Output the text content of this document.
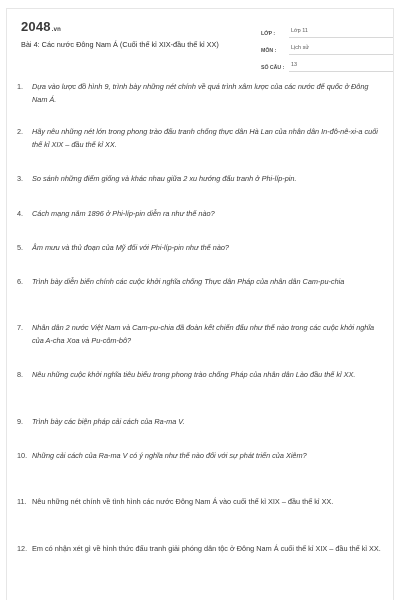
2048.vn
Bài 4: Các nước Đông Nam Á (Cuối thế kỉ XIX-đầu thế kỉ XX)
LỚP :	Lớp 11
MÔN :	Lịch sử
SỐ CÂU :	13
1.	Dựa vào lược đồ hình 9, trình bày những nét chính về quá trình xâm lược của các nước đế quốc ở Đông Nam Á.
2.	Hãy nêu những nét lớn trong phong trào đấu tranh chống thực dân Hà Lan của nhân dân In-đô-nê-xi-a cuối thế kỉ XIX – đầu thế kỉ XX.
3.	So sánh những điểm giống và khác nhau giữa 2 xu hướng đấu tranh ở Phi-líp-pin.
4.	Cách mạng năm 1896 ở Phi-líp-pin diễn ra như thế nào?
5.	Âm mưu và thủ đoạn của Mỹ đối với Phi-líp-pin như thế nào?
6.	Trình bày diễn biến chính các cuộc khởi nghĩa chống Thực dân Pháp của nhân dân Cam-pu-chia
7.	Nhân dân 2 nước Việt Nam và Cam-pu-chia đã đoàn kết chiến đấu như thế nào trong các cuộc khởi nghĩa của A-cha Xoa và Pu-côm-bô?
8.	Nêu những cuộc khởi nghĩa tiêu biểu trong phong trào chống Pháp của nhân dân Lào đầu thế kỉ XX.
9.	Trình bày các biện pháp cải cách của Ra-ma V.
10. Những cải cách của Ra-ma V có ý nghĩa như thế nào đối với sự phát triển của Xiêm?
11. Nêu những nét chính về tình hình các nước Đông Nam Á vào cuối thế kỉ XIX – đầu thế kỉ XX.
12. Em có nhận xét gì về hình thức đấu tranh giải phóng dân tộc ở Đông Nam Á cuối thế kỉ XIX – đầu thế kỉ XX.
